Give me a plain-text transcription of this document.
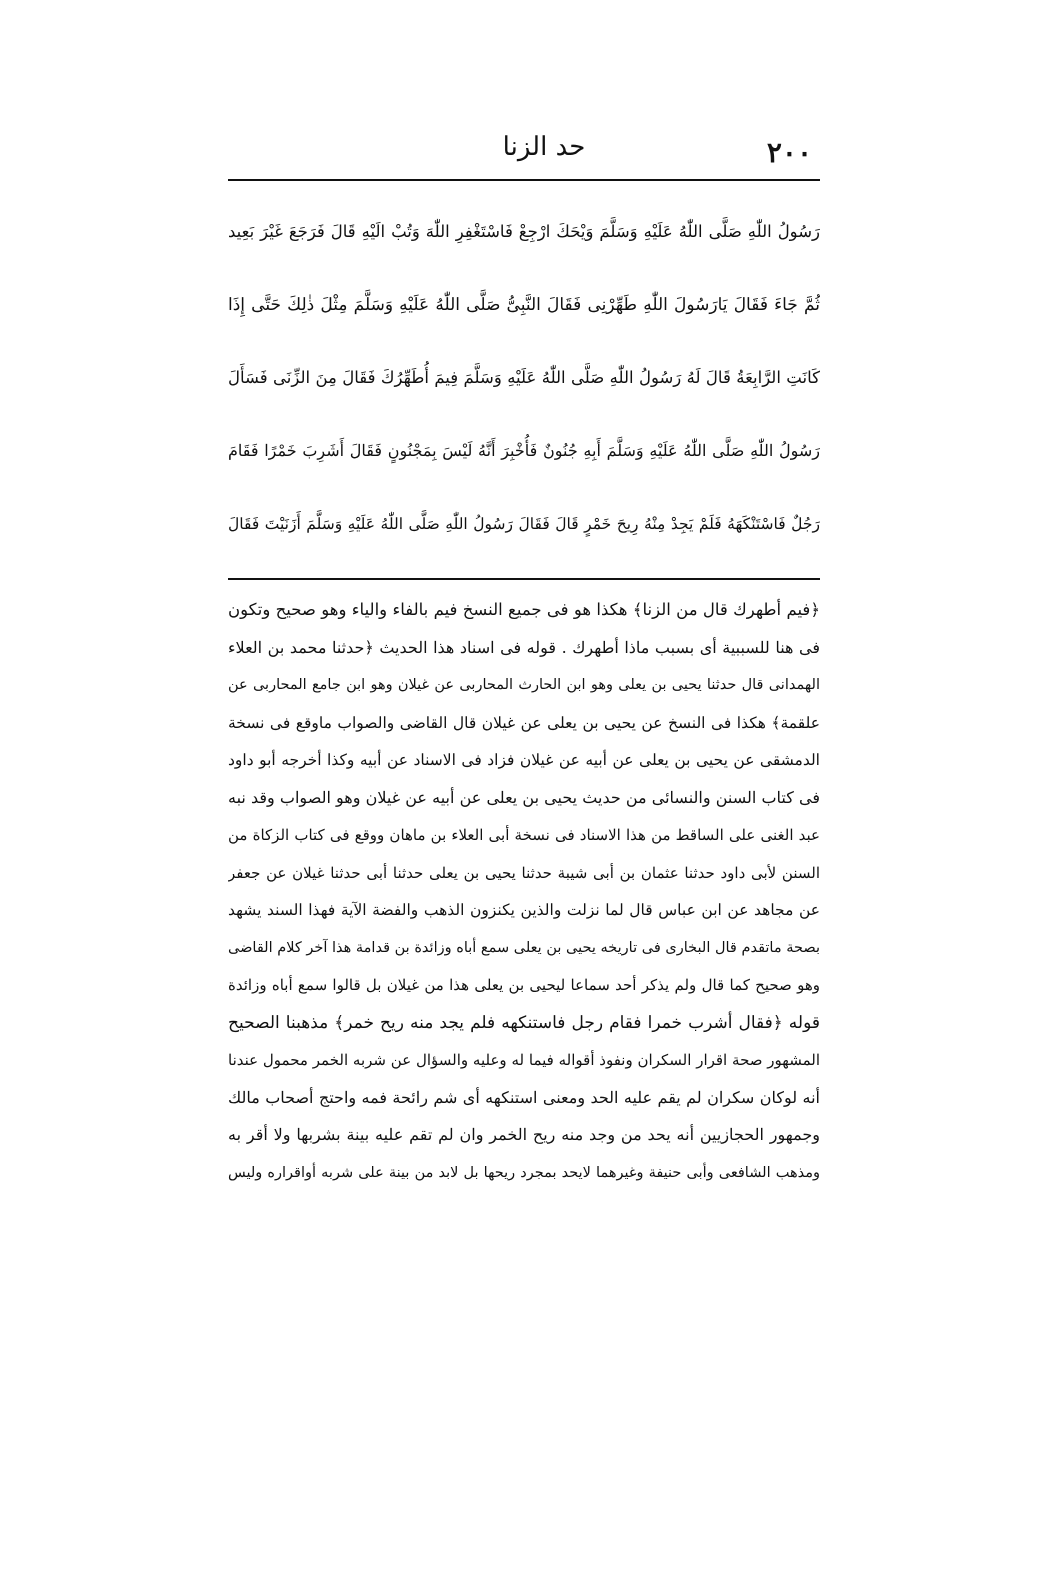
٢٠٠
حد الزنا
رَسُولُ اللّٰهِ صَلَّى اللّٰهُ عَلَيْهِ وَسَلَّمَ وَيْحَكَ ارْجِعْ فَاسْتَغْفِرِ اللّٰهَ وَتُبْ الَيْهِ قَالَ فَرَجَعَ غَيْرَ بَعِيد
ثُمَّ جَاءَ فَقَالَ يَارَسُولَ اللّٰهِ طَهِّرْنِى فَقَالَ النَّبِىُّ صَلَّى اللّٰهُ عَلَيْهِ وَسَلَّمَ مِثْلَ ذٰلِكَ حَتَّى إِذَا
كَانَتِ الرَّابِعَةُ قَالَ لَهُ رَسُولُ اللّٰهِ صَلَّى اللّٰهُ عَلَيْهِ وَسَلَّمَ فِيمَ أُطَهِّرُكَ فَقَالَ مِنَ الزِّنَى فَسَأَلَ
رَسُولُ اللّٰهِ صَلَّى اللّٰهُ عَلَيْهِ وَسَلَّمَ أَبِهِ جُنُونٌ فَأُخْبِرَ أَنَّهُ لَيْسَ بِمَجْنُونٍ فَقَالَ أَشَرِبَ خَمْرًا فَقَامَ
رَجُلٌ فَاسْتَنْكَهَهُ فَلَمْ يَجِدْ مِنْهُ رِيحَ خَمْرٍ قَالَ فَقَالَ رَسُولُ اللّٰهِ صَلَّى اللّٰهُ عَلَيْهِ وَسَلَّمَ أَزَنَيْتَ فَقَالَ
﴿فيم أطهرك قال من الزنا﴾ هكذا هو فى جميع النسخ فيم بالفاء والياء وهو صحيح وتكون
فى هنا للسببية أى بسبب ماذا أطهرك . قوله فى اسناد هذا الحديث ﴿حدثنا محمد بن العلاء
الهمدانى قال حدثنا يحيى بن يعلى وهو ابن الحارث المحاربى عن غيلان وهو ابن جامع المحاربى عن
علقمة﴾ هكذا فى النسخ عن يحيى بن يعلى عن غيلان قال القاضى والصواب ماوقع فى نسخة
الدمشقى عن يحيى بن يعلى عن أبيه عن غيلان فزاد فى الاسناد عن أبيه وكذا أخرجه أبو داود
فى كتاب السنن والنسائى من حديث يحيى بن يعلى عن أبيه عن غيلان وهو الصواب وقد نبه
عبد الغنى على الساقط من هذا الاسناد فى نسخة أبى العلاء بن ماهان ووقع فى كتاب الزكاة من
السنن لأبى داود حدثنا عثمان بن أبى شيبة حدثنا يحيى بن يعلى حدثنا أبى حدثنا غيلان عن جعفر
عن مجاهد عن ابن عباس قال لما نزلت والذين يكنزون الذهب والفضة الآية فهذا السند يشهد
بصحة ماتقدم قال البخارى فى تاريخه يحيى بن يعلى سمع أباه وزائدة بن قدامة هذا آخر كلام القاضى
وهو صحيح كما قال ولم يذكر أحد سماعا ليحيى بن يعلى هذا من غيلان بل قالوا سمع أباه وزائدة
قوله ﴿فقال أشرب خمرا فقام رجل فاستنكهه فلم يجد منه ريح خمر﴾ مذهبنا الصحيح
المشهور صحة اقرار السكران ونفوذ أقواله فيما له وعليه والسؤال عن شربه الخمر محمول عندنا
أنه لوكان سكران لم يقم عليه الحد ومعنى استنكهه أى شم رائحة فمه واحتج أصحاب مالك
وجمهور الحجازيين أنه يحد من وجد منه ريح الخمر وان لم تقم عليه بينة بشربها ولا أقر به
ومذهب الشافعى وأبى حنيفة وغيرهما لايحد بمجرد ريحها بل لابد من بينة على شربه أواقراره وليس
